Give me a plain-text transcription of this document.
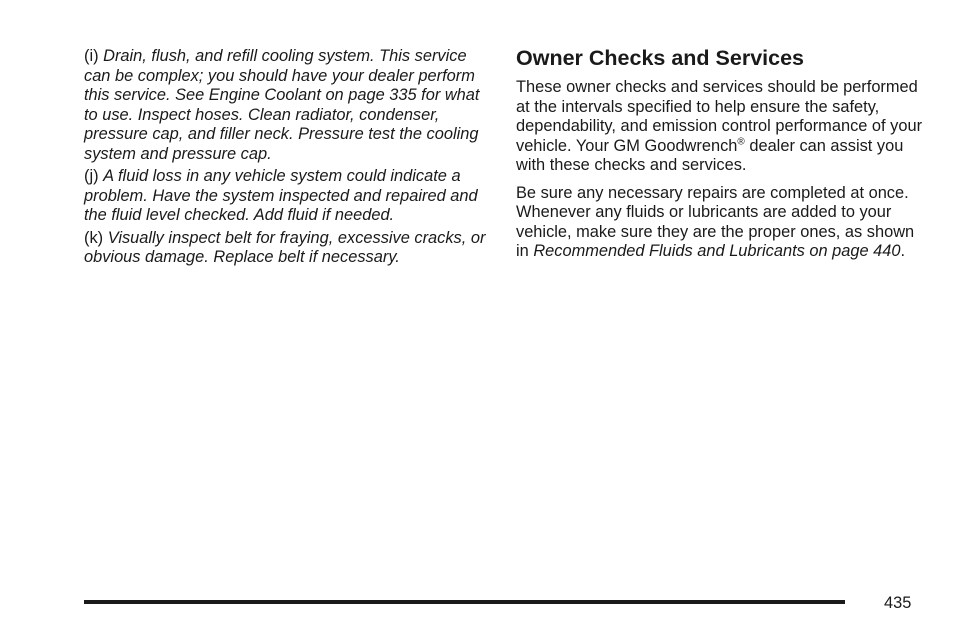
(i) Drain, flush, and refill cooling system. This service can be complex; you should have your dealer perform this service. See Engine Coolant on page 335 for what to use. Inspect hoses. Clean radiator, condenser, pressure cap, and filler neck. Pressure test the cooling system and pressure cap.

(j) A fluid loss in any vehicle system could indicate a problem. Have the system inspected and repaired and the fluid level checked. Add fluid if needed.

(k) Visually inspect belt for fraying, excessive cracks, or obvious damage. Replace belt if necessary.

Owner Checks and Services

These owner checks and services should be performed at the intervals specified to help ensure the safety, dependability, and emission control performance of your vehicle. Your GM Goodwrench® dealer can assist you with these checks and services.

Be sure any necessary repairs are completed at once. Whenever any fluids or lubricants are added to your vehicle, make sure they are the proper ones, as shown in Recommended Fluids and Lubricants on page 440.

435
